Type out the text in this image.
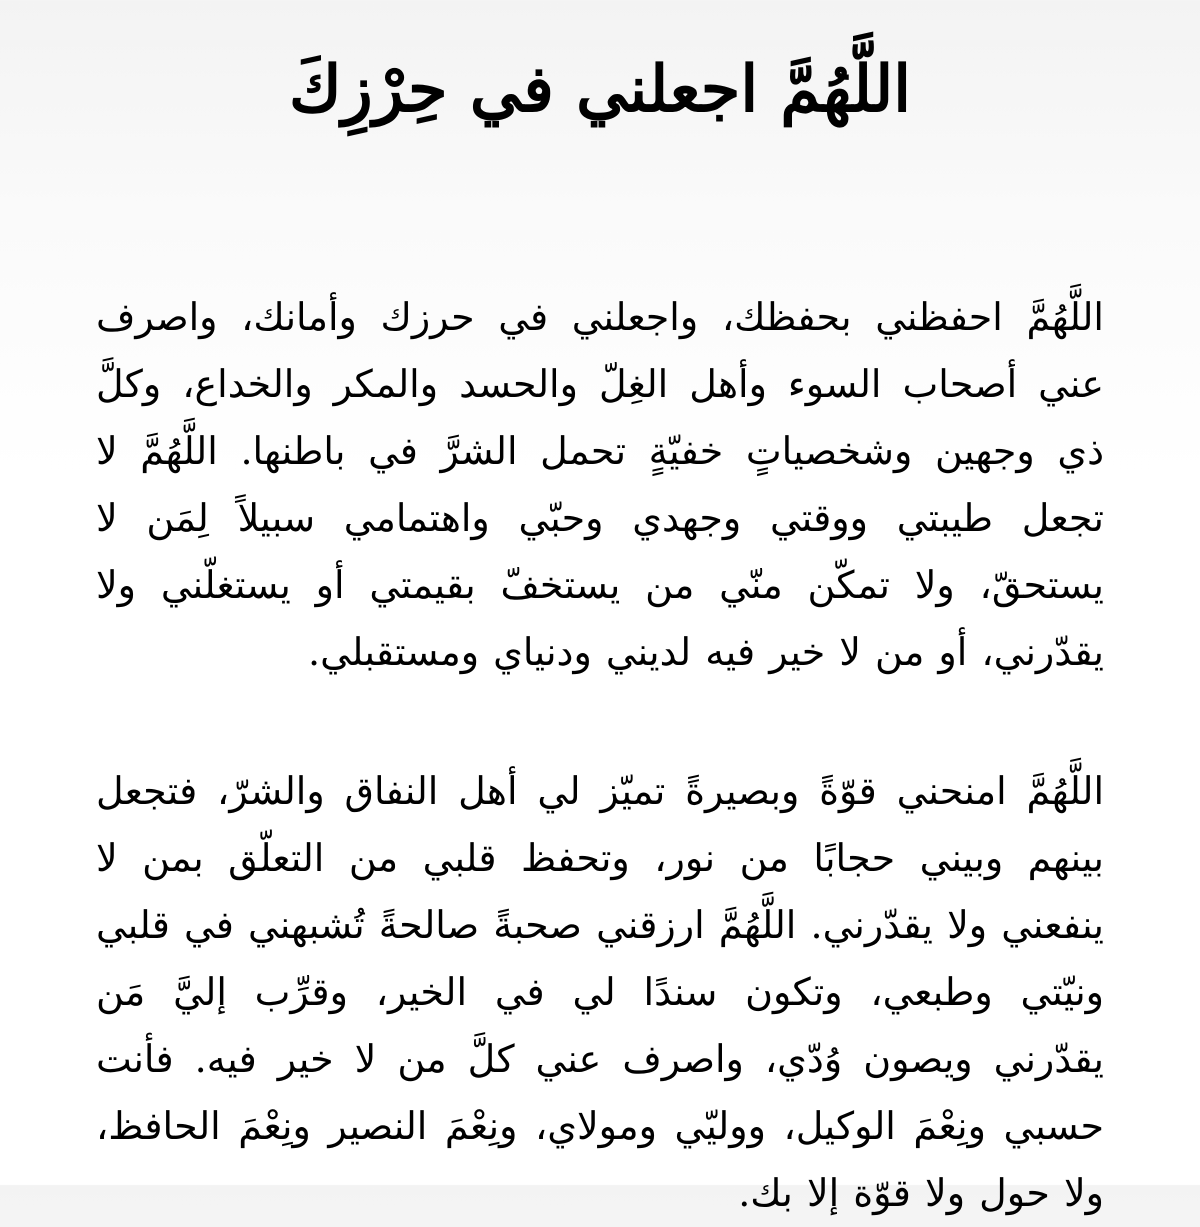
اللَّهُمَّ اجعلني في حِرْزِكَ

اللَّهُمَّ احفظني بحفظك، واجعلني في حرزك وأمانك، واصرف عني أصحاب السوء وأهل الغِلّ والحسد والمكر والخداع، وكلَّ ذي وجهين وشخصياتٍ خفيّةٍ تحمل الشرَّ في باطنها. اللَّهُمَّ لا تجعل طيبتي ووقتي وجهدي وحبّي واهتمامي سبيلاً لِمَن لا يستحقّ، ولا تمكّن منّي من يستخفّ بقيمتي أو يستغلّني ولا يقدّرني، أو من لا خير فيه لديني ودنياي ومستقبلي.

اللَّهُمَّ امنحني قوّةً وبصيرةً تميّز لي أهل النفاق والشرّ، فتجعل بينهم وبيني حجابًا من نور، وتحفظ قلبي من التعلّق بمن لا ينفعني ولا يقدّرني. اللَّهُمَّ ارزقني صحبةً صالحةً تُشبهني في قلبي ونيّتي وطبعي، وتكون سندًا لي في الخير، وقرِّب إليَّ مَن يقدّرني ويصون وُدّي، واصرف عني كلَّ من لا خير فيه. فأنت حسبي ونِعْمَ الوكيل، ووليّي ومولاي، ونِعْمَ النصير ونِعْمَ الحافظ، ولا حول ولا قوّة إلا بك.
